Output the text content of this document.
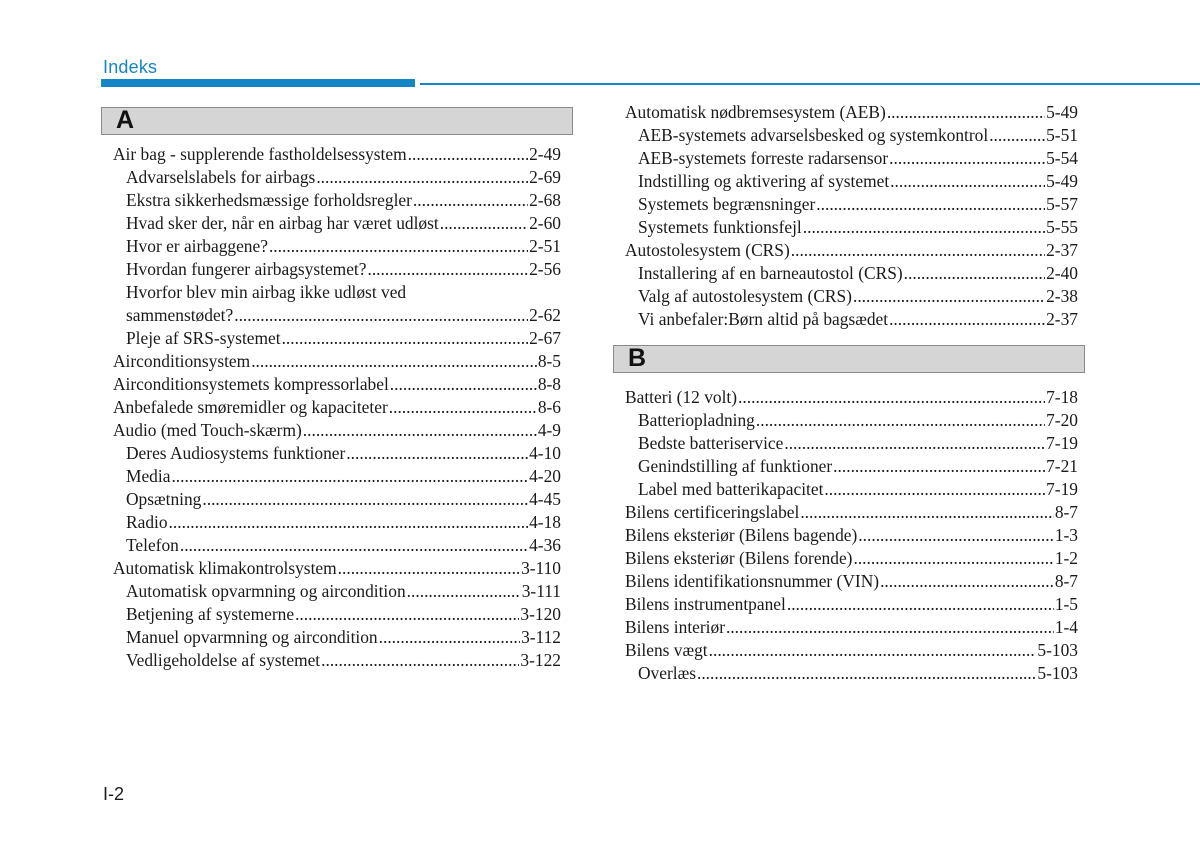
Indeks
A
Air bag - supplerende fastholdelsessystem .....	2-49
Advarselslabels for airbags .....	2-69
Ekstra sikkerhedsmæssige forholdsregler .....	2-68
Hvad sker der, når en airbag har været udløst .....	2-60
Hvor er airbaggene? .....	2-51
Hvordan fungerer airbagsystemet? .....	2-56
Hvorfor blev min airbag ikke udløst ved
sammenstødet? .....	2-62
Pleje af SRS-systemet .....	2-67
Airconditionsystem .....	8-5
Airconditionsystemets kompressorlabel .....	8-8
Anbefalede smøremidler og kapaciteter .....	8-6
Audio (med Touch-skærm) .....	4-9
Deres Audiosystems funktioner .....	4-10
Media .....	4-20
Opsætning .....	4-45
Radio .....	4-18
Telefon .....	4-36
Automatisk klimakontrolsystem .....	3-110
Automatisk opvarmning og aircondition .....	3-111
Betjening af systemerne .....	3-120
Manuel opvarmning og aircondition .....	3-112
Vedligeholdelse af systemet .....	3-122
Automatisk nødbremsesystem (AEB) .....	5-49
AEB-systemets advarselsbesked og systemkontrol .....	5-51
AEB-systemets forreste radarsensor .....	5-54
Indstilling og aktivering af systemet .....	5-49
Systemets begrænsninger .....	5-57
Systemets funktionsfejl .....	5-55
Autostolesystem (CRS) .....	2-37
Installering af en barneautostol (CRS) .....	2-40
Valg af autostolesystem (CRS) .....	2-38
Vi anbefaler:Børn altid på bagsædet .....	2-37
B
Batteri (12 volt) .....	7-18
Batteriopladning .....	7-20
Bedste batteriservice .....	7-19
Genindstilling af funktioner .....	7-21
Label med batterikapacitet .....	7-19
Bilens certificeringslabel .....	8-7
Bilens eksteriør (Bilens bagende) .....	1-3
Bilens eksteriør (Bilens forende) .....	1-2
Bilens identifikationsnummer (VIN) .....	8-7
Bilens instrumentpanel .....	1-5
Bilens interiør .....	1-4
Bilens vægt .....	5-103
Overlæs .....	5-103
I-2
